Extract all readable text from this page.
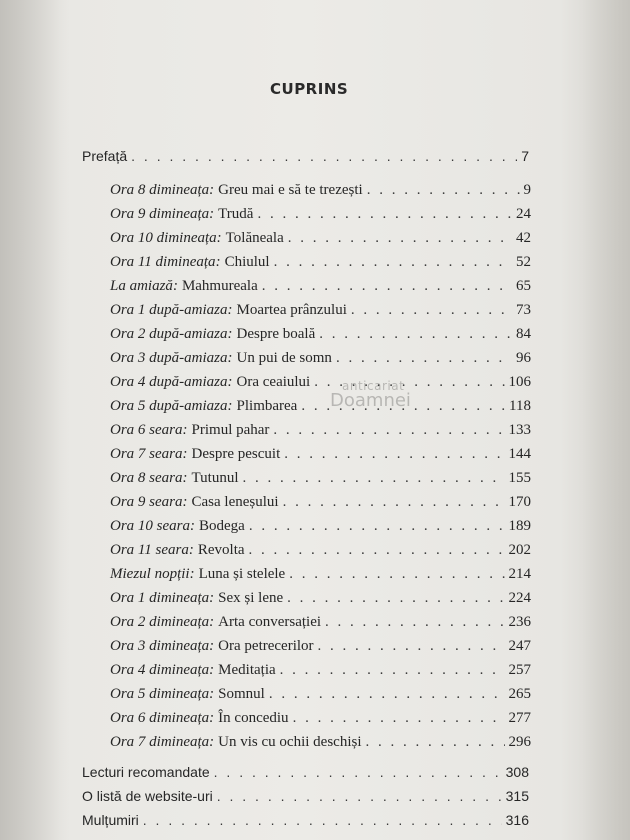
CUPRINS
anticariat
Doamnei
Prefață . . .	7
Ora 8 dimineața : Greu mai e să te trezești . . .	9
Ora 9 dimineața : Trudă . . .	24
Ora 10 dimineața : Tolăneala . . .	42
Ora 11 dimineața : Chiulul . . .	52
La amiază : Mahmureala . . .	65
Ora 1 după-amiaza : Moartea prânzului . . .	73
Ora 2 după-amiaza : Despre boală . . .	84
Ora 3 după-amiaza : Un pui de somn . . .	96
Ora 4 după-amiaza : Ora ceaiului . . .	106
Ora 5 după-amiaza : Plimbarea . . .	118
Ora 6 seara : Primul pahar . . .	133
Ora 7 seara : Despre pescuit . . .	144
Ora 8 seara : Tutunul . . .	155
Ora 9 seara : Casa leneșului . . .	170
Ora 10 seara : Bodega . . .	189
Ora 11 seara : Revolta . . .	202
Miezul nopții : Luna și stelele . . .	214
Ora 1 dimineața : Sex și lene . . .	224
Ora 2 dimineața : Arta conversației . . .	236
Ora 3 dimineața : Ora petrecerilor . . .	247
Ora 4 dimineața : Meditația . . .	257
Ora 5 dimineața : Somnul . . .	265
Ora 6 dimineața : În concediu . . .	277
Ora 7 dimineața : Un vis cu ochii deschiși . . .	296
Lecturi recomandate . . .	308
O listă de website-uri . . .	315
Mulțumiri . . .	316
